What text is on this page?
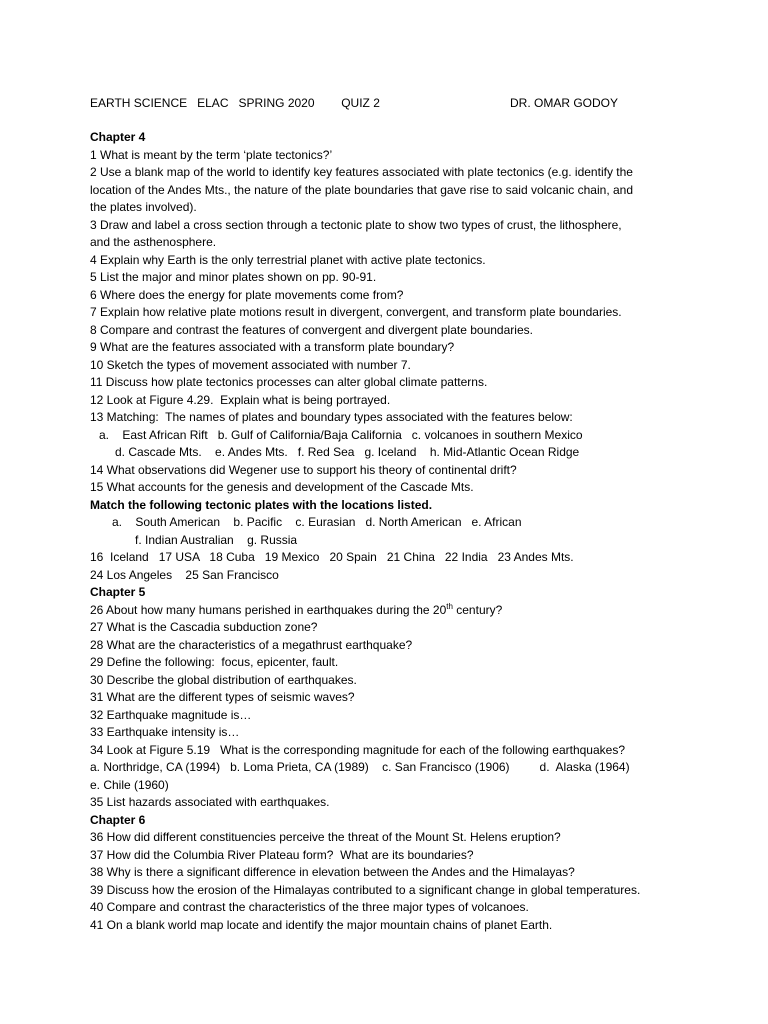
EARTH SCIENCE   ELAC   SPRING 2020        QUIZ 2	DR. OMAR GODOY
Chapter 4
1 What is meant by the term ‘plate tectonics?’
2 Use a blank map of the world to identify key features associated with plate tectonics (e.g. identify the
location of the Andes Mts., the nature of the plate boundaries that gave rise to said volcanic chain, and
the plates involved).
3 Draw and label a cross section through a tectonic plate to show two types of crust, the lithosphere,
and the asthenosphere.
4 Explain why Earth is the only terrestrial planet with active plate tectonics.
5 List the major and minor plates shown on pp. 90-91.
6 Where does the energy for plate movements come from?
7 Explain how relative plate motions result in divergent, convergent, and transform plate boundaries.
8 Compare and contrast the features of convergent and divergent plate boundaries.
9 What are the features associated with a transform plate boundary?
10 Sketch the types of movement associated with number 7.
11 Discuss how plate tectonics processes can alter global climate patterns.
12 Look at Figure 4.29.  Explain what is being portrayed.
13 Matching:  The names of plates and boundary types associated with the features below:
a.    East African Rift   b. Gulf of California/Baja California   c. volcanoes in southern Mexico
d. Cascade Mts.    e. Andes Mts.   f. Red Sea   g. Iceland    h. Mid-Atlantic Ocean Ridge
14 What observations did Wegener use to support his theory of continental drift?
15 What accounts for the genesis and development of the Cascade Mts.
Match the following tectonic plates with the locations listed.
a.    South American    b. Pacific    c. Eurasian   d. North American   e. African
f. Indian Australian    g. Russia
16  Iceland   17 USA   18 Cuba   19 Mexico   20 Spain   21 China   22 India   23 Andes Mts.
24 Los Angeles    25 San Francisco
Chapter 5
26 About how many humans perished in earthquakes during the 20th century?
27 What is the Cascadia subduction zone?
28 What are the characteristics of a megathrust earthquake?
29 Define the following:  focus, epicenter, fault.
30 Describe the global distribution of earthquakes.
31 What are the different types of seismic waves?
32 Earthquake magnitude is…
33 Earthquake intensity is…
34 Look at Figure 5.19   What is the corresponding magnitude for each of the following earthquakes?
a. Northridge, CA (1994)   b. Loma Prieta, CA (1989)    c. San Francisco (1906)         d.  Alaska (1964)
e. Chile (1960)
35 List hazards associated with earthquakes.
Chapter 6
36 How did different constituencies perceive the threat of the Mount St. Helens eruption?
37 How did the Columbia River Plateau form?  What are its boundaries?
38 Why is there a significant difference in elevation between the Andes and the Himalayas?
39 Discuss how the erosion of the Himalayas contributed to a significant change in global temperatures.
40 Compare and contrast the characteristics of the three major types of volcanoes.
41 On a blank world map locate and identify the major mountain chains of planet Earth.
